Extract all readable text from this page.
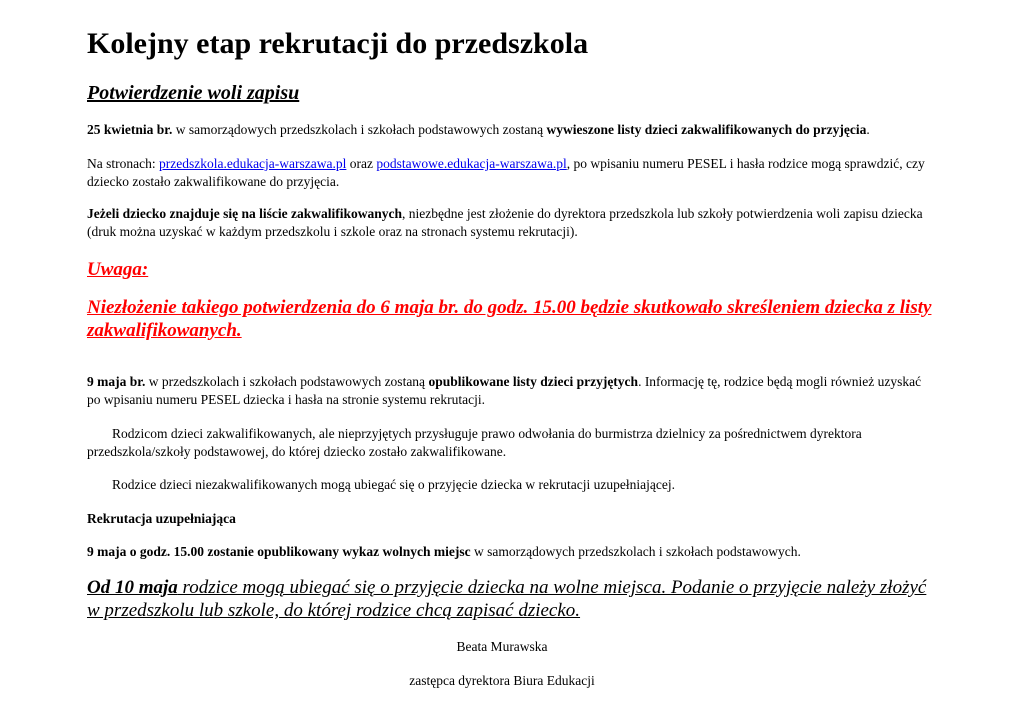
Kolejny etap rekrutacji do przedszkola
Potwierdzenie woli zapisu

25 kwietnia br. w samorządowych przedszkolach i szkołach podstawowych zostaną wywieszone listy dzieci zakwalifikowanych do przyjęcia.

Na stronach: przedszkola.edukacja-warszawa.pl oraz podstawowe.edukacja-warszawa.pl, po wpisaniu numeru PESEL i hasła rodzice mogą sprawdzić, czy dziecko zostało zakwalifikowane do przyjęcia.

Jeżeli dziecko znajduje się na liście zakwalifikowanych, niezbędne jest złożenie do dyrektora przedszkola lub szkoły potwierdzenia woli zapisu dziecka (druk można uzyskać w każdym przedszkolu i szkole oraz na stronach systemu rekrutacji).

Uwaga:
Niezłożenie takiego potwierdzenia do 6 maja br. do godz. 15.00 będzie skutkowało skreśleniem dziecka z listy zakwalifikowanych.

9 maja br. w przedszkolach i szkołach podstawowych zostaną opublikowane listy dzieci przyjętych. Informację tę, rodzice będą mogli również uzyskać po wpisaniu numeru PESEL dziecka i hasła na stronie systemu rekrutacji.

Rodzicom dzieci zakwalifikowanych, ale nieprzyjętych przysługuje prawo odwołania do burmistrza dzielnicy za pośrednictwem dyrektora przedszkola/szkoły podstawowej, do której dziecko zostało zakwalifikowane.

Rodzice dzieci niezakwalifikowanych mogą ubiegać się o przyjęcie dziecka w rekrutacji uzupełniającej.

Rekrutacja uzupełniająca

9 maja o godz. 15.00 zostanie opublikowany wykaz wolnych miejsc w samorządowych przedszkolach i szkołach podstawowych.

Od 10 maja rodzice mogą ubiegać się o przyjęcie dziecka na wolne miejsca. Podanie o przyjęcie należy złożyć w przedszkolu lub szkole, do której rodzice chcą zapisać dziecko.

Beata Murawska
zastępca dyrektora Biura Edukacji
